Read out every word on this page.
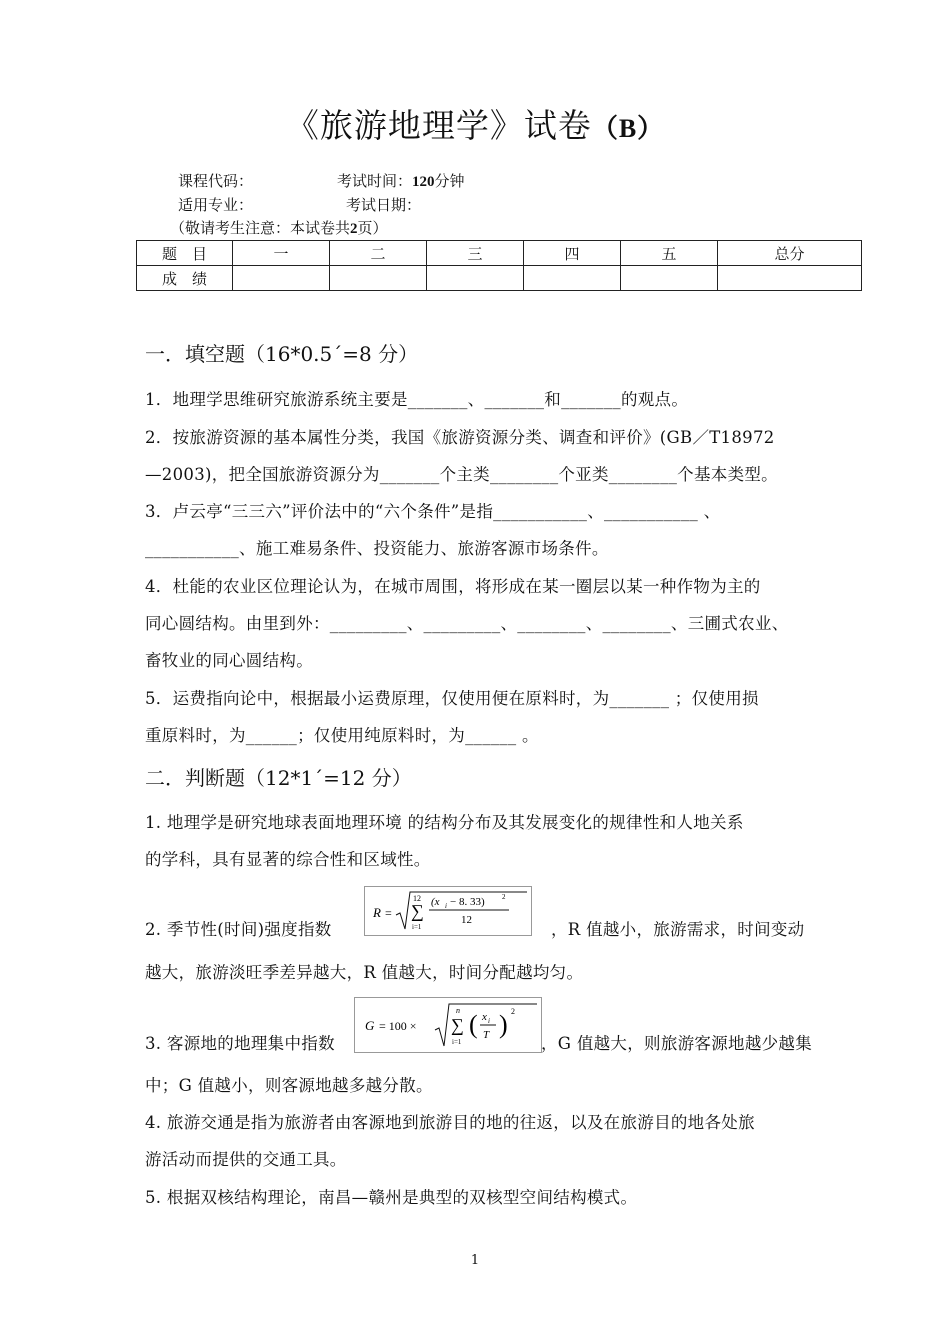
《旅游地理学》试卷（B）
课程代码：	考试时间：120分钟
适用专业：	考试日期：
（敬请考生注意：本试卷共2页）
题　目	一	二	三	四	五	总分
成　绩						
一．填空题（16*0.5´=8 分）
1．地理学思维研究旅游系统主要是_______、_______和_______的观点。
2．按旅游资源的基本属性分类，我国《旅游资源分类、调查和评价》(GB／T18972
—2003)，把全国旅游资源分为_______个主类________个亚类________个基本类型。
3．卢云亭“三三六”评价法中的“六个条件”是指___________、___________ 、
___________、施工难易条件、投资能力、旅游客源市场条件。
4．杜能的农业区位理论认为，在城市周围，将形成在某一圈层以某一种作物为主的
同心圆结构。由里到外：_________、_________、________、________、三圃式农业、
畜牧业的同心圆结构。
5．运费指向论中，根据最小运费原理，仅使用便在原料时，为_______ ；仅使用损
重原料时，为______；仅使用纯原料时，为______ 。
二．判断题（12*1´=12 分）
1. 地理学是研究地球表面地理环境 的结构分布及其发展变化的规律性和人地关系
的学科，具有显著的综合性和区域性。
2. 季节性(时间)强度指数
R =
12
∑
i=1
(x i − 8. 33) 2
12	，R 值越小，旅游需求，时间变动
越大，旅游淡旺季差异越大，R 值越大，时间分配越均匀。
3. 客源地的地理集中指数
G = 100 ×
n
∑
i=1
( x i
T ) 2
，G 值越大，则旅游客源地越少越集
中；G 值越小，则客源地越多越分散。
4. 旅游交通是指为旅游者由客源地到旅游目的地的往返，以及在旅游目的地各处旅
游活动而提供的交通工具。
5. 根据双核结构理论，南昌—赣州是典型的双核型空间结构模式。
1
